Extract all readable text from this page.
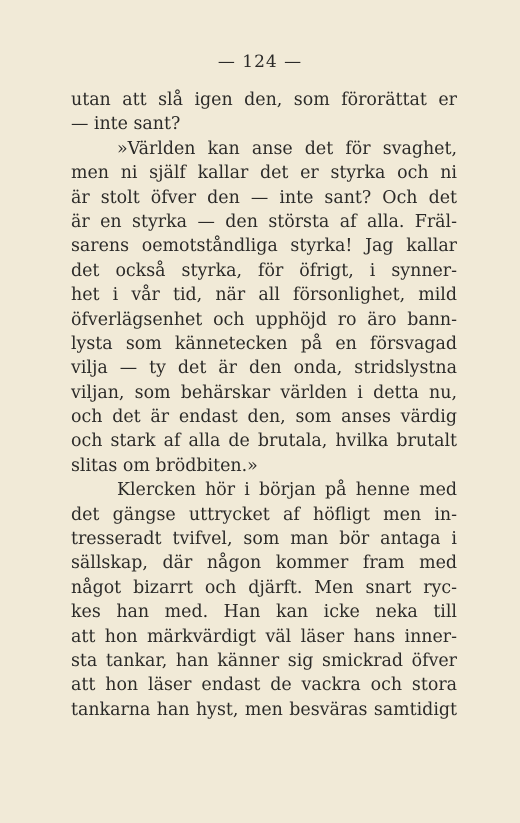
— 124 —
utan att slå igen den, som förorättat er
— inte sant?
»Världen kan anse det för svaghet,
men ni själf kallar det er styrka och ni
är stolt öfver den — inte sant? Och det
är en styrka — den största af alla. Fräl-
sarens oemotståndliga styrka! Jag kallar
det också styrka, för öfrigt, i synner-
het i vår tid, när all försonlighet, mild
öfverlägsenhet och upphöjd ro äro bann-
lysta som kännetecken på en försvagad
vilja — ty det är den onda, stridslystna
viljan, som behärskar världen i detta nu,
och det är endast den, som anses värdig
och stark af alla de brutala, hvilka brutalt
slitas om brödbiten.»
Klercken hör i början på henne med
det gängse uttrycket af höfligt men in-
tresseradt tvifvel, som man bör antaga i
sällskap, där någon kommer fram med
något bizarrt och djärft. Men snart ryc-
kes han med. Han kan icke neka till
att hon märkvärdigt väl läser hans inner-
sta tankar, han känner sig smickrad öfver
att hon läser endast de vackra och stora
tankarna han hyst, men besväras samtidigt
